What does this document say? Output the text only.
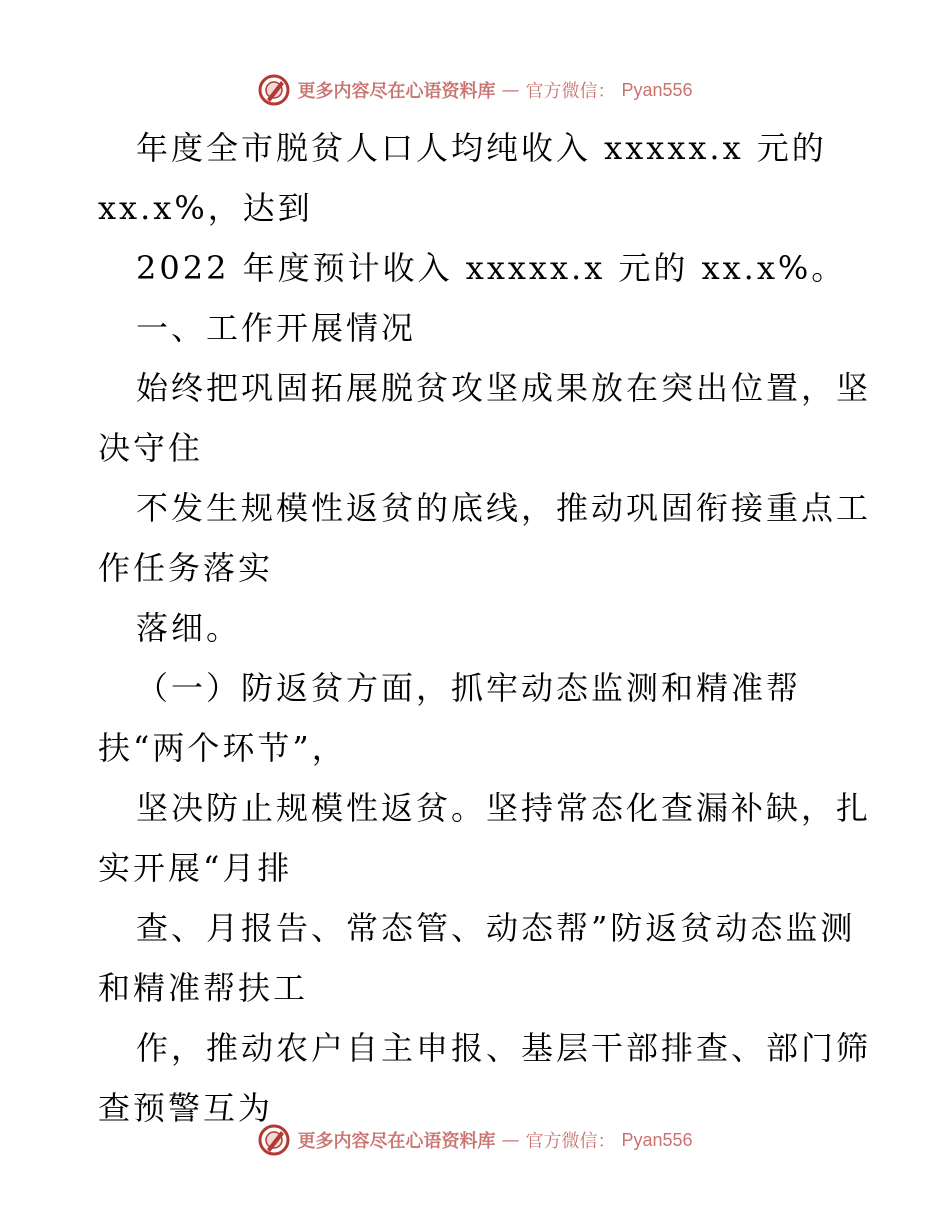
更多内容尽在心语资料库 — 官方微信： Pyan556
年度全市脱贫人口人均纯收入 xxxxx.x 元的
xx.x%，达到
2022 年度预计收入 xxxxx.x 元的 xx.x%。
一、工作开展情况
始终把巩固拓展脱贫攻坚成果放在突出位置，坚
决守住
不发生规模性返贫的底线，推动巩固衔接重点工
作任务落实
落细。
（一）防返贫方面，抓牢动态监测和精准帮
扶“两个环节”，
坚决防止规模性返贫。坚持常态化查漏补缺，扎
实开展“月排
查、月报告、常态管、动态帮”防返贫动态监测
和精准帮扶工
作，推动农户自主申报、基层干部排查、部门筛
查预警互为
更多内容尽在心语资料库 — 官方微信： Pyan556
